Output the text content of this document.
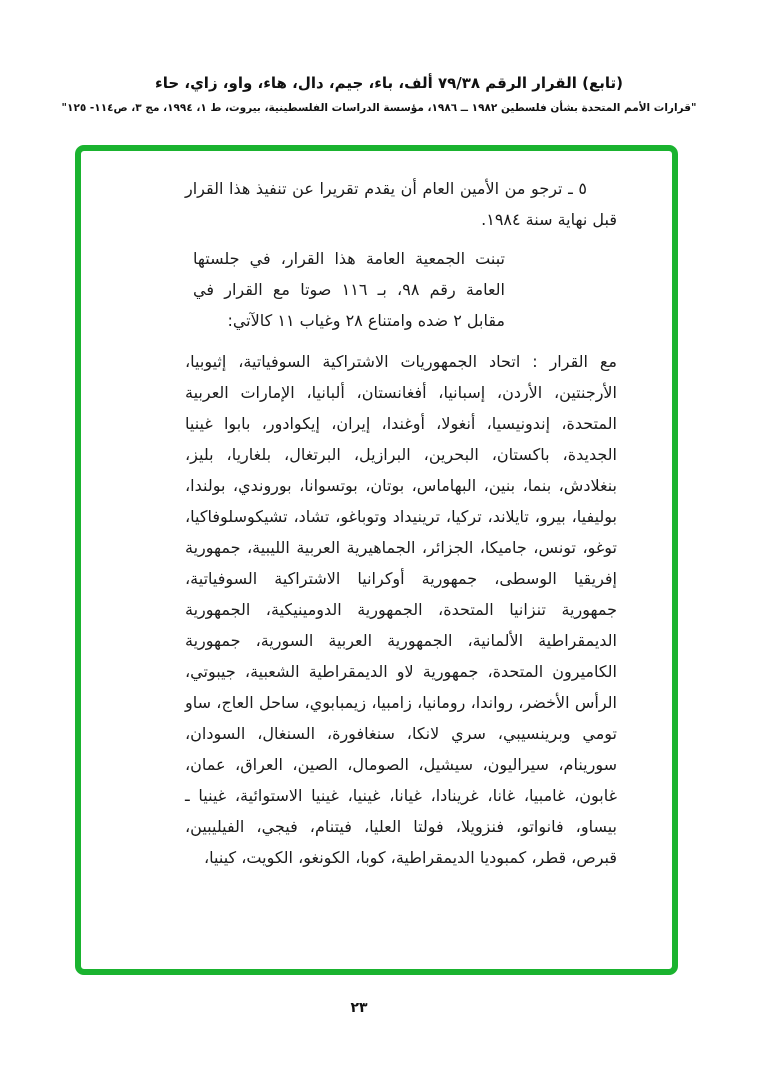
(تابع) القرار الرقم ٧٩/٣٨ ألف، باء، جيم، دال، هاء، واو، زاي، حاء
"قرارات الأمم المتحدة بشأن فلسطين ١٩٨٢ ــ ١٩٨٦، مؤسسة الدراسات الفلسطينية، بيروت، ط ١، ١٩٩٤، مج ٣، ص١١٤- ١٢٥"

٥ ـ ترجو من الأمين العام أن يقدم تقريرا عن تنفيذ هذا القرار قبل نهاية سنة ١٩٨٤.

تبنت الجمعية العامة هذا القرار، في جلستها العامة رقم ٩٨، بـ ١١٦ صوتا مع القرار في مقابل ٢ ضده وامتناع ٢٨ وغياب ١١ كالآتي:

مع القرار : اتحاد الجمهوريات الاشتراكية السوفياتية، إثيوبيا، الأرجنتين، الأردن، إسبانيا، أفغانستان، ألبانيا، الإمارات العربية المتحدة، إندونيسيا، أنغولا، أوغندا، إيران، إيكوادور، بابوا غينيا الجديدة، باكستان، البحرين، البرازيل، البرتغال، بلغاريا، بليز، بنغلادش، بنما، بنين، البهاماس، بوتان، بوتسوانا، بوروندي، بولندا، بوليفيا، بيرو، تايلاند، تركيا، ترينيداد وتوباغو، تشاد، تشيكوسلوفاكيا، توغو، تونس، جاميكا، الجزائر، الجماهيرية العربية الليبية، جمهورية إفريقيا الوسطى، جمهورية أوكرانيا الاشتراكية السوفياتية، جمهورية تنزانيا المتحدة، الجمهورية الدومينيكية، الجمهورية الديمقراطية الألمانية، الجمهورية العربية السورية، جمهورية الكاميرون المتحدة، جمهورية لاو الديمقراطية الشعبية، جيبوتي، الرأس الأخضر، رواندا، رومانيا، زامبيا، زيمبابوي، ساحل العاج، ساو تومي وبرينسيبي، سري لانكا، سنغافورة، السنغال، السودان، سورينام، سيراليون، سيشيل، الصومال، الصين، العراق، عمان، غابون، غامبيا، غانا، غرينادا، غيانا، غينيا، غينيا الاستوائية، غينيا ـ بيساو، فانواتو، فنزويلا، فولتا العليا، فيتنام، فيجي، الفيليبين، قبرص، قطر، كمبوديا الديمقراطية، كوبا، الكونغو، الكويت، كينيا،

٢٣
